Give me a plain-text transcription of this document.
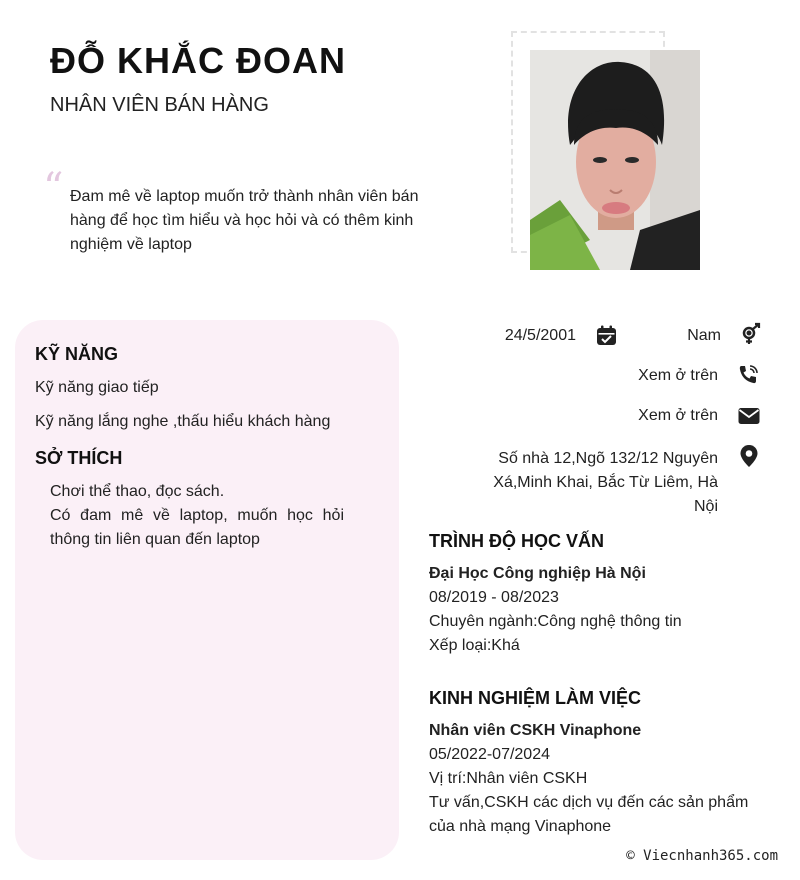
ĐỖ KHẮC ĐOAN
NHÂN VIÊN BÁN HÀNG
“ Đam mê về laptop muốn trở thành nhân viên bán hàng để học tìm hiểu và học hỏi và có thêm kinh nghiệm về laptop
KỸ NĂNG
Kỹ năng giao tiếp
Kỹ năng lắng nghe ,thấu hiểu khách hàng
SỞ THÍCH
Chơi thể thao, đọc sách.
Có đam mê về laptop, muốn học hỏi thông tin liên quan đến laptop
24/5/2001	Nam
Xem ở trên
Xem ở trên
Số nhà 12,Ngõ 132/12 Nguyên Xá,Minh Khai, Bắc Từ Liêm, Hà Nội
TRÌNH ĐỘ HỌC VẤN
Đại Học Công nghiệp Hà Nội
08/2019 - 08/2023
Chuyên ngành:Công nghệ thông tin
Xếp loại:Khá
KINH NGHIỆM LÀM VIỆC
Nhân viên CSKH Vinaphone
05/2022-07/2024
Vị trí:Nhân viên CSKH
Tư vấn,CSKH các dịch vụ đến các sản phẩm của nhà mạng Vinaphone
© Viecnhanh365.com
